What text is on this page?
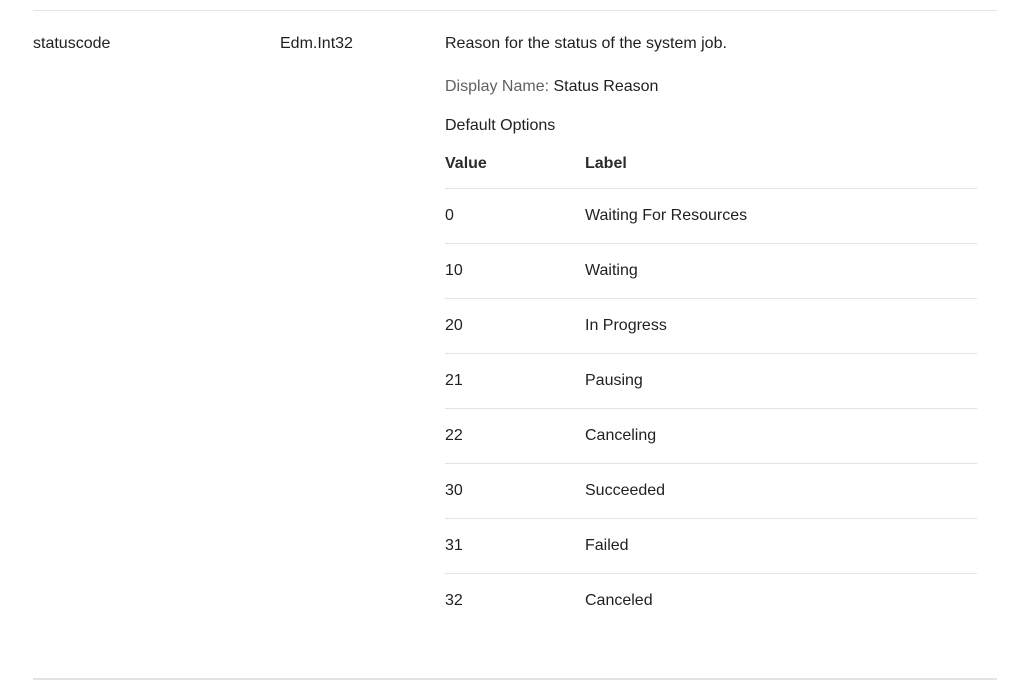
statuscode	Edm.Int32	Reason for the status of the system job.

Display Name: Status Reason

Default Options

Value	Label
0	Waiting For Resources
10	Waiting
20	In Progress
21	Pausing
22	Canceling
30	Succeeded
31	Failed
32	Canceled
